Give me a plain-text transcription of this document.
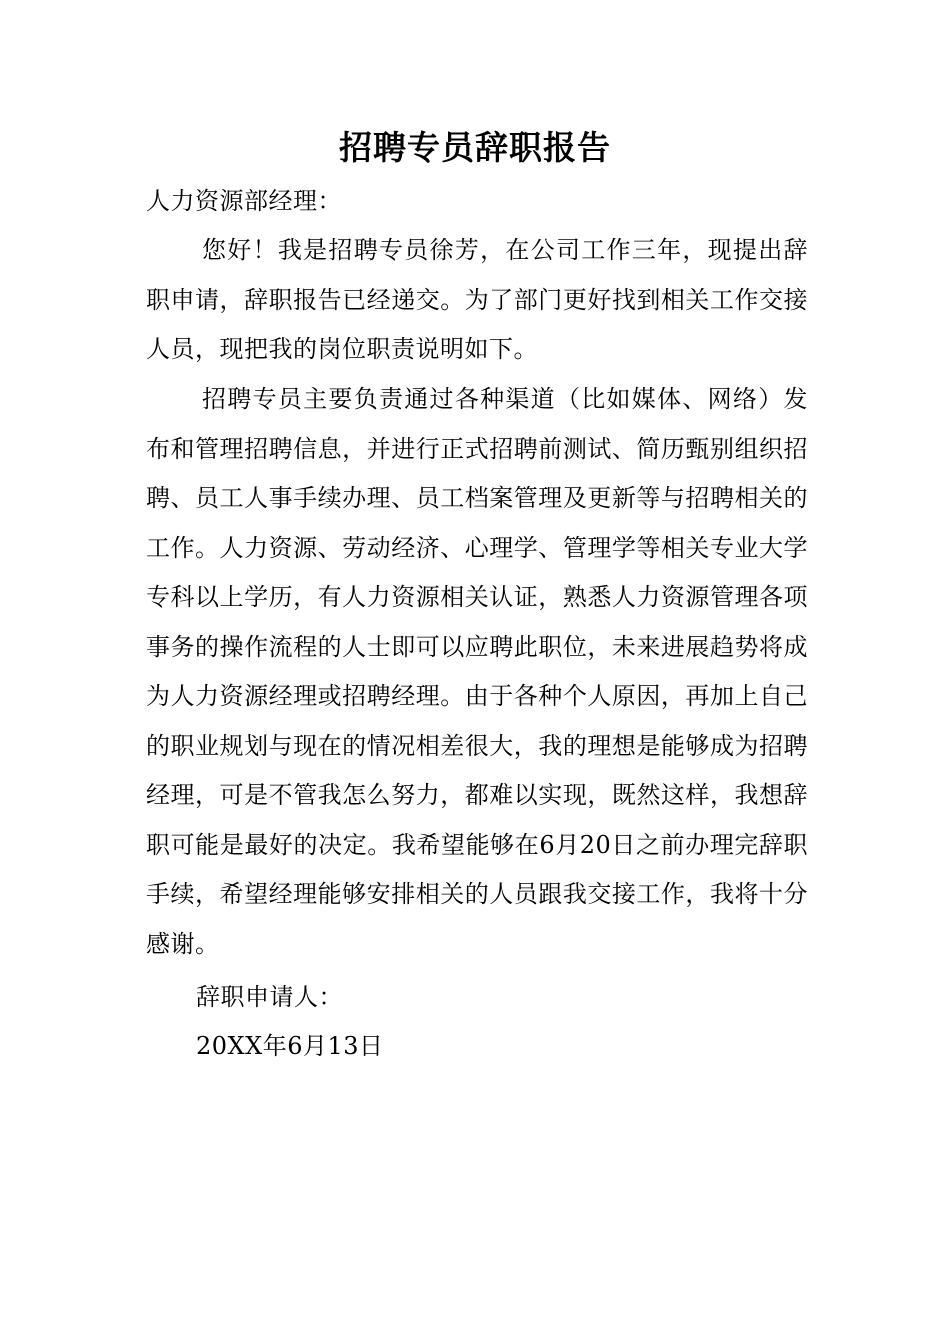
招聘专员辞职报告

人力资源部经理：

您好！我是招聘专员徐芳，在公司工作三年，现提出辞职申请，辞职报告已经递交。为了部门更好找到相关工作交接人员，现把我的岗位职责说明如下。

招聘专员主要负责通过各种渠道（比如媒体、网络）发布和管理招聘信息，并进行正式招聘前测试、简历甄别组织招聘、员工人事手续办理、员工档案管理及更新等与招聘相关的工作。人力资源、劳动经济、心理学、管理学等相关专业大学专科以上学历，有人力资源相关认证，熟悉人力资源管理各项事务的操作流程的人士即可以应聘此职位，未来进展趋势将成为人力资源经理或招聘经理。由于各种个人原因，再加上自己的职业规划与现在的情况相差很大，我的理想是能够成为招聘经理，可是不管我怎么努力，都难以实现，既然这样，我想辞职可能是最好的决定。我希望能够在6月20日之前办理完辞职手续，希望经理能够安排相关的人员跟我交接工作，我将十分感谢。

辞职申请人：

20XX年6月13日
